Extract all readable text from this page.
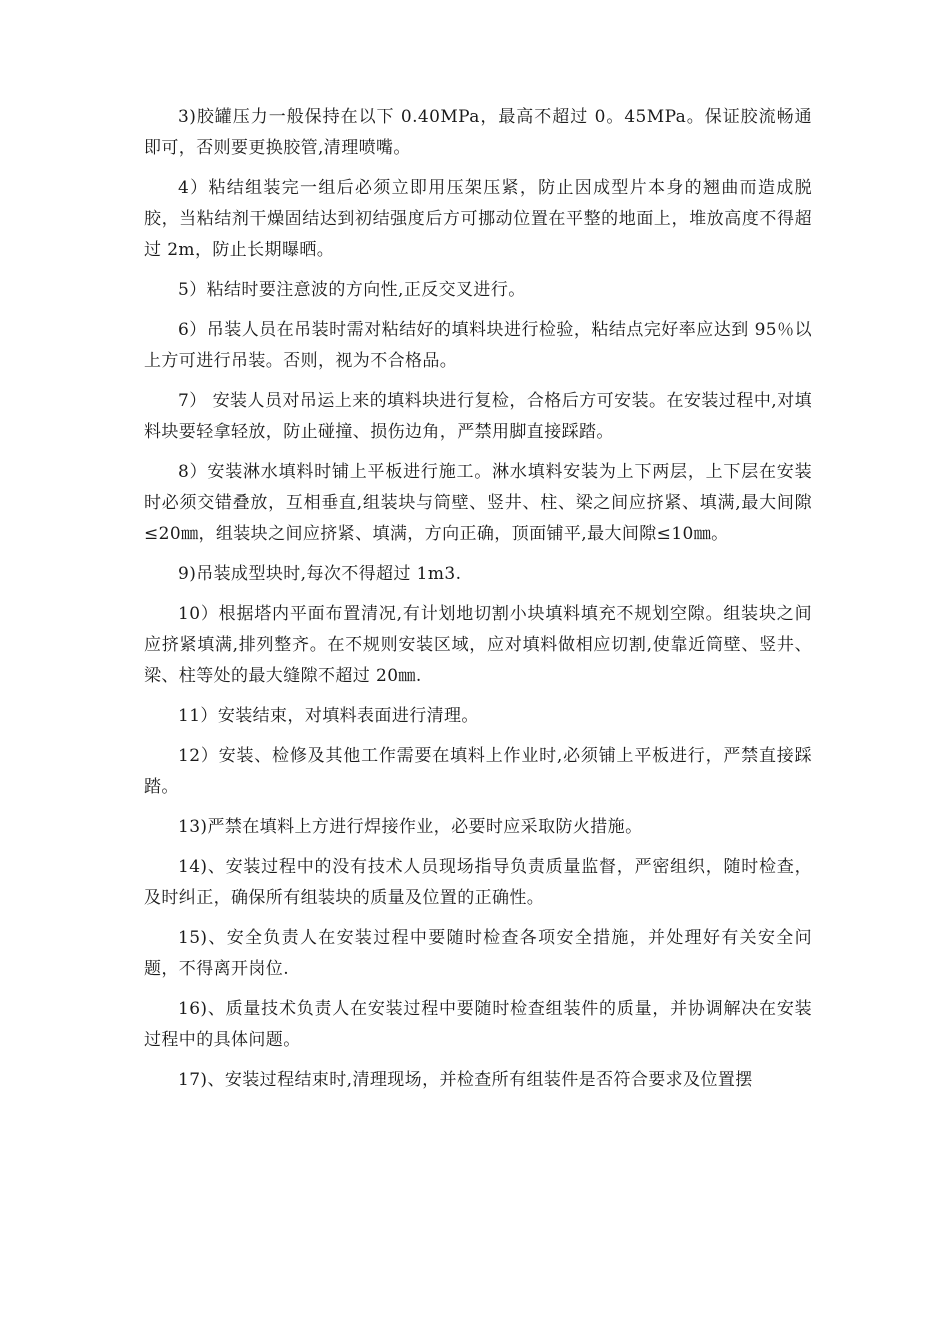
3)胶罐压力一般保持在以下 0.40MPa，最高不超过 0。45MPa。保证胶流畅通即可，否则要更换胶管,清理喷嘴。

4）粘结组装完一组后必须立即用压架压紧，防止因成型片本身的翘曲而造成脱胶，当粘结剂干燥固结达到初结强度后方可挪动位置在平整的地面上，堆放高度不得超过 2m，防止长期曝晒。

5）粘结时要注意波的方向性,正反交叉进行。

6）吊装人员在吊装时需对粘结好的填料块进行检验，粘结点完好率应达到 95％以上方可进行吊装。否则，视为不合格品。

7） 安装人员对吊运上来的填料块进行复检，合格后方可安装。在安装过程中,对填料块要轻拿轻放，防止碰撞、损伤边角，严禁用脚直接踩踏。

8）安装淋水填料时铺上平板进行施工。淋水填料安装为上下两层，上下层在安装时必须交错叠放，互相垂直,组装块与筒壁、竖井、柱、梁之间应挤紧、填满,最大间隙≤20㎜，组装块之间应挤紧、填满，方向正确，顶面铺平,最大间隙≤10㎜。

9)吊装成型块时,每次不得超过 1m3.

10）根据塔内平面布置清况,有计划地切割小块填料填充不规划空隙。组装块之间应挤紧填满,排列整齐。在不规则安装区域，应对填料做相应切割,使靠近筒壁、竖井、梁、柱等处的最大缝隙不超过 20㎜.

11）安装结束，对填料表面进行清理。

12）安装、检修及其他工作需要在填料上作业时,必须铺上平板进行，严禁直接踩踏。

13)严禁在填料上方进行焊接作业，必要时应采取防火措施。

14)、安装过程中的没有技术人员现场指导负责质量监督，严密组织，随时检查，及时纠正，确保所有组装块的质量及位置的正确性。

15)、安全负责人在安装过程中要随时检查各项安全措施，并处理好有关安全问题，不得离开岗位.

16)、质量技术负责人在安装过程中要随时检查组装件的质量，并协调解决在安装过程中的具体问题。

17)、安装过程结束时,清理现场，并检查所有组装件是否符合要求及位置摆
